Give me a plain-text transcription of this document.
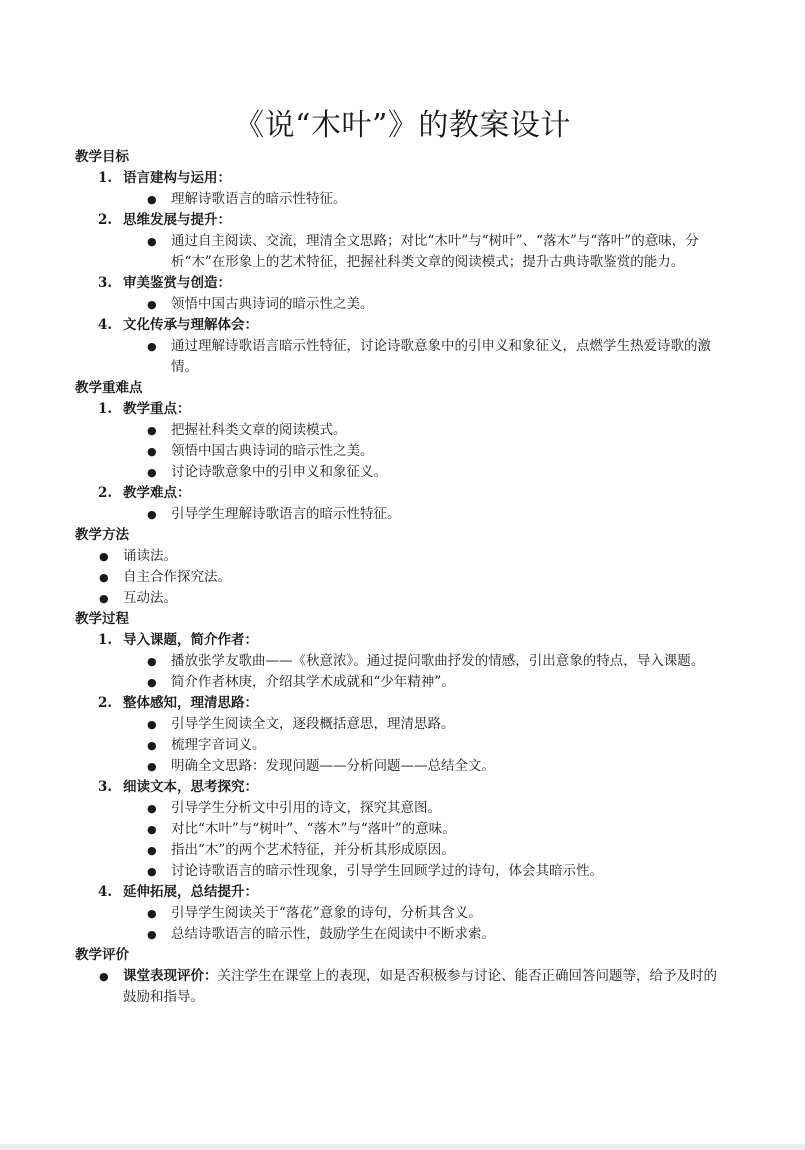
《说“木叶”》的教案设计
教学目标
1. 语言建构与运用：
● 理解诗歌语言的暗示性特征。
2. 思维发展与提升：
● 通过自主阅读、交流，理清全文思路；对比“木叶”与“树叶”、“落木”与“落叶”的意味，分析“木”在形象上的艺术特征，把握社科类文章的阅读模式；提升古典诗歌鉴赏的能力。
3. 审美鉴赏与创造：
● 领悟中国古典诗词的暗示性之美。
4. 文化传承与理解体会：
● 通过理解诗歌语言暗示性特征，讨论诗歌意象中的引申义和象征义，点燃学生热爱诗歌的激情。
教学重难点
1. 教学重点：
● 把握社科类文章的阅读模式。
● 领悟中国古典诗词的暗示性之美。
● 讨论诗歌意象中的引申义和象征义。
2. 教学难点：
● 引导学生理解诗歌语言的暗示性特征。
教学方法
● 诵读法。
● 自主合作探究法。
● 互动法。
教学过程
1. 导入课题，简介作者：
● 播放张学友歌曲——《秋意浓》。通过提问歌曲抒发的情感，引出意象的特点，导入课题。
● 简介作者林庚，介绍其学术成就和“少年精神”。
2. 整体感知，理清思路：
● 引导学生阅读全文，逐段概括意思，理清思路。
● 梳理字音词义。
● 明确全文思路：发现问题——分析问题——总结全文。
3. 细读文本，思考探究：
● 引导学生分析文中引用的诗文，探究其意图。
● 对比“木叶”与“树叶”、“落木”与“落叶”的意味。
● 指出“木”的两个艺术特征，并分析其形成原因。
● 讨论诗歌语言的暗示性现象，引导学生回顾学过的诗句，体会其暗示性。
4. 延伸拓展，总结提升：
● 引导学生阅读关于“落花”意象的诗句，分析其含义。
● 总结诗歌语言的暗示性，鼓励学生在阅读中不断求索。
教学评价
● 课堂表现评价：关注学生在课堂上的表现，如是否积极参与讨论、能否正确回答问题等，给予及时的鼓励和指导。
